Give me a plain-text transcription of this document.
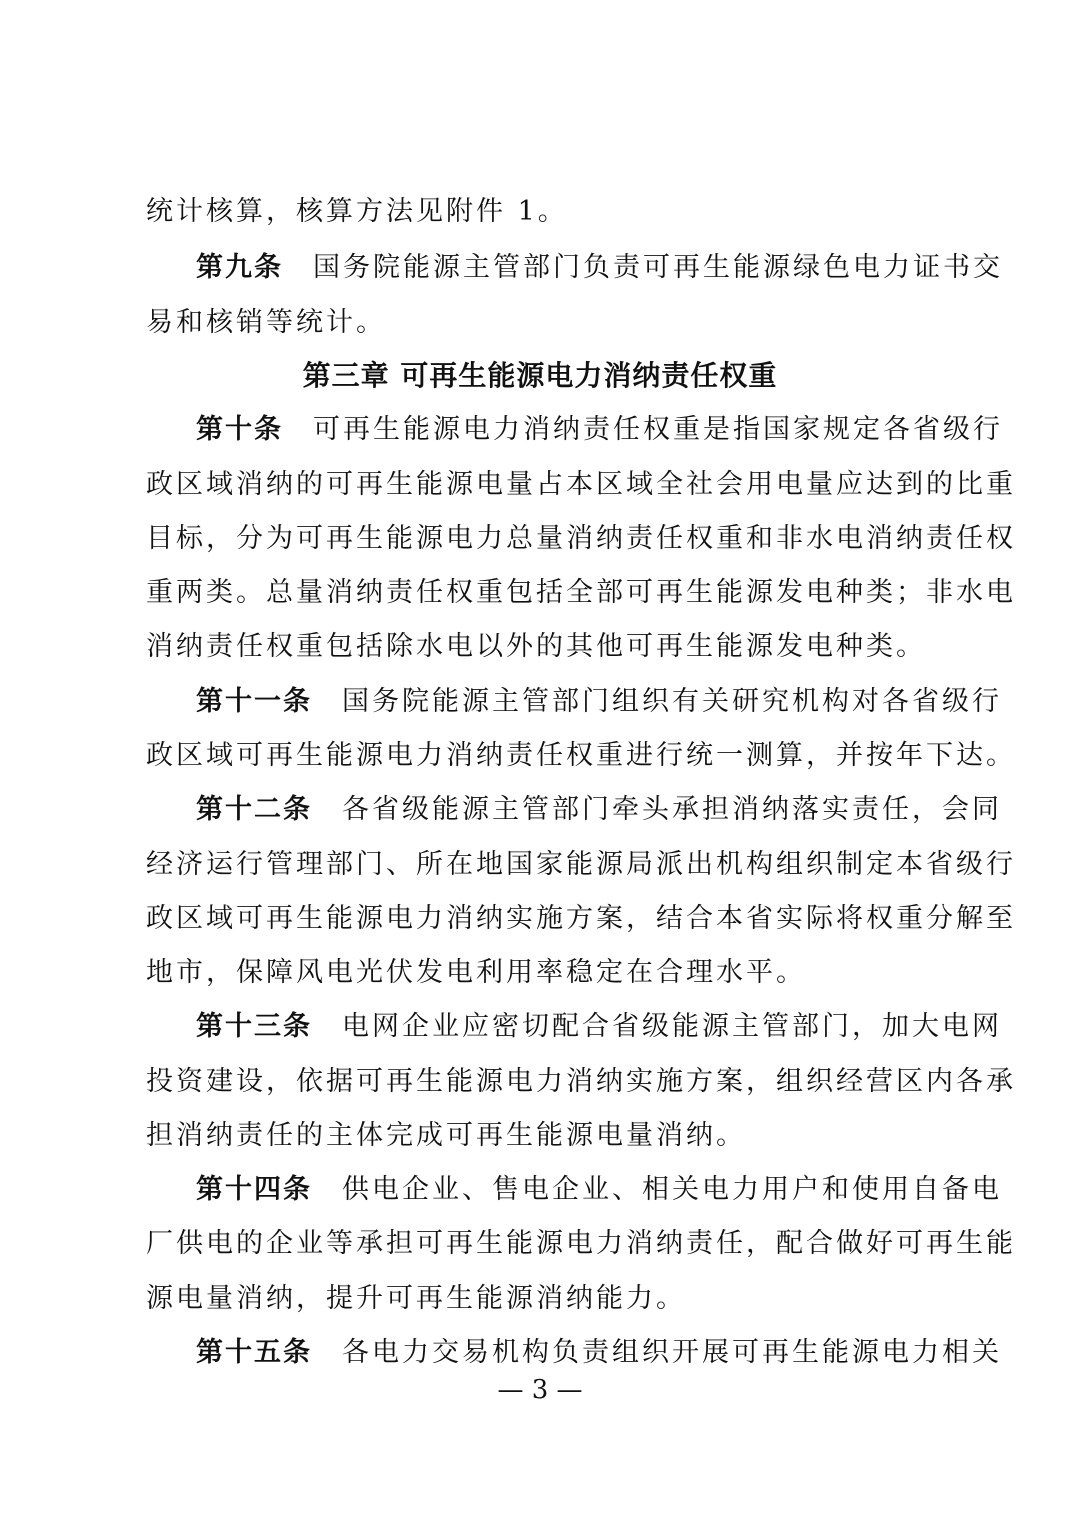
统计核算，核算方法见附件 1。
第九条 国务院能源主管部门负责可再生能源绿色电力证书交
易和核销等统计。
第三章 可再生能源电力消纳责任权重
第十条 可再生能源电力消纳责任权重是指国家规定各省级行
政区域消纳的可再生能源电量占本区域全社会用电量应达到的比重
目标，分为可再生能源电力总量消纳责任权重和非水电消纳责任权
重两类。总量消纳责任权重包括全部可再生能源发电种类；非水电
消纳责任权重包括除水电以外的其他可再生能源发电种类。
第十一条 国务院能源主管部门组织有关研究机构对各省级行
政区域可再生能源电力消纳责任权重进行统一测算，并按年下达。
第十二条 各省级能源主管部门牵头承担消纳落实责任，会同
经济运行管理部门、所在地国家能源局派出机构组织制定本省级行
政区域可再生能源电力消纳实施方案，结合本省实际将权重分解至
地市，保障风电光伏发电利用率稳定在合理水平。
第十三条 电网企业应密切配合省级能源主管部门，加大电网
投资建设，依据可再生能源电力消纳实施方案，组织经营区内各承
担消纳责任的主体完成可再生能源电量消纳。
第十四条 供电企业、售电企业、相关电力用户和使用自备电
厂供电的企业等承担可再生能源电力消纳责任，配合做好可再生能
源电量消纳，提升可再生能源消纳能力。
第十五条 各电力交易机构负责组织开展可再生能源电力相关
— 3 —
